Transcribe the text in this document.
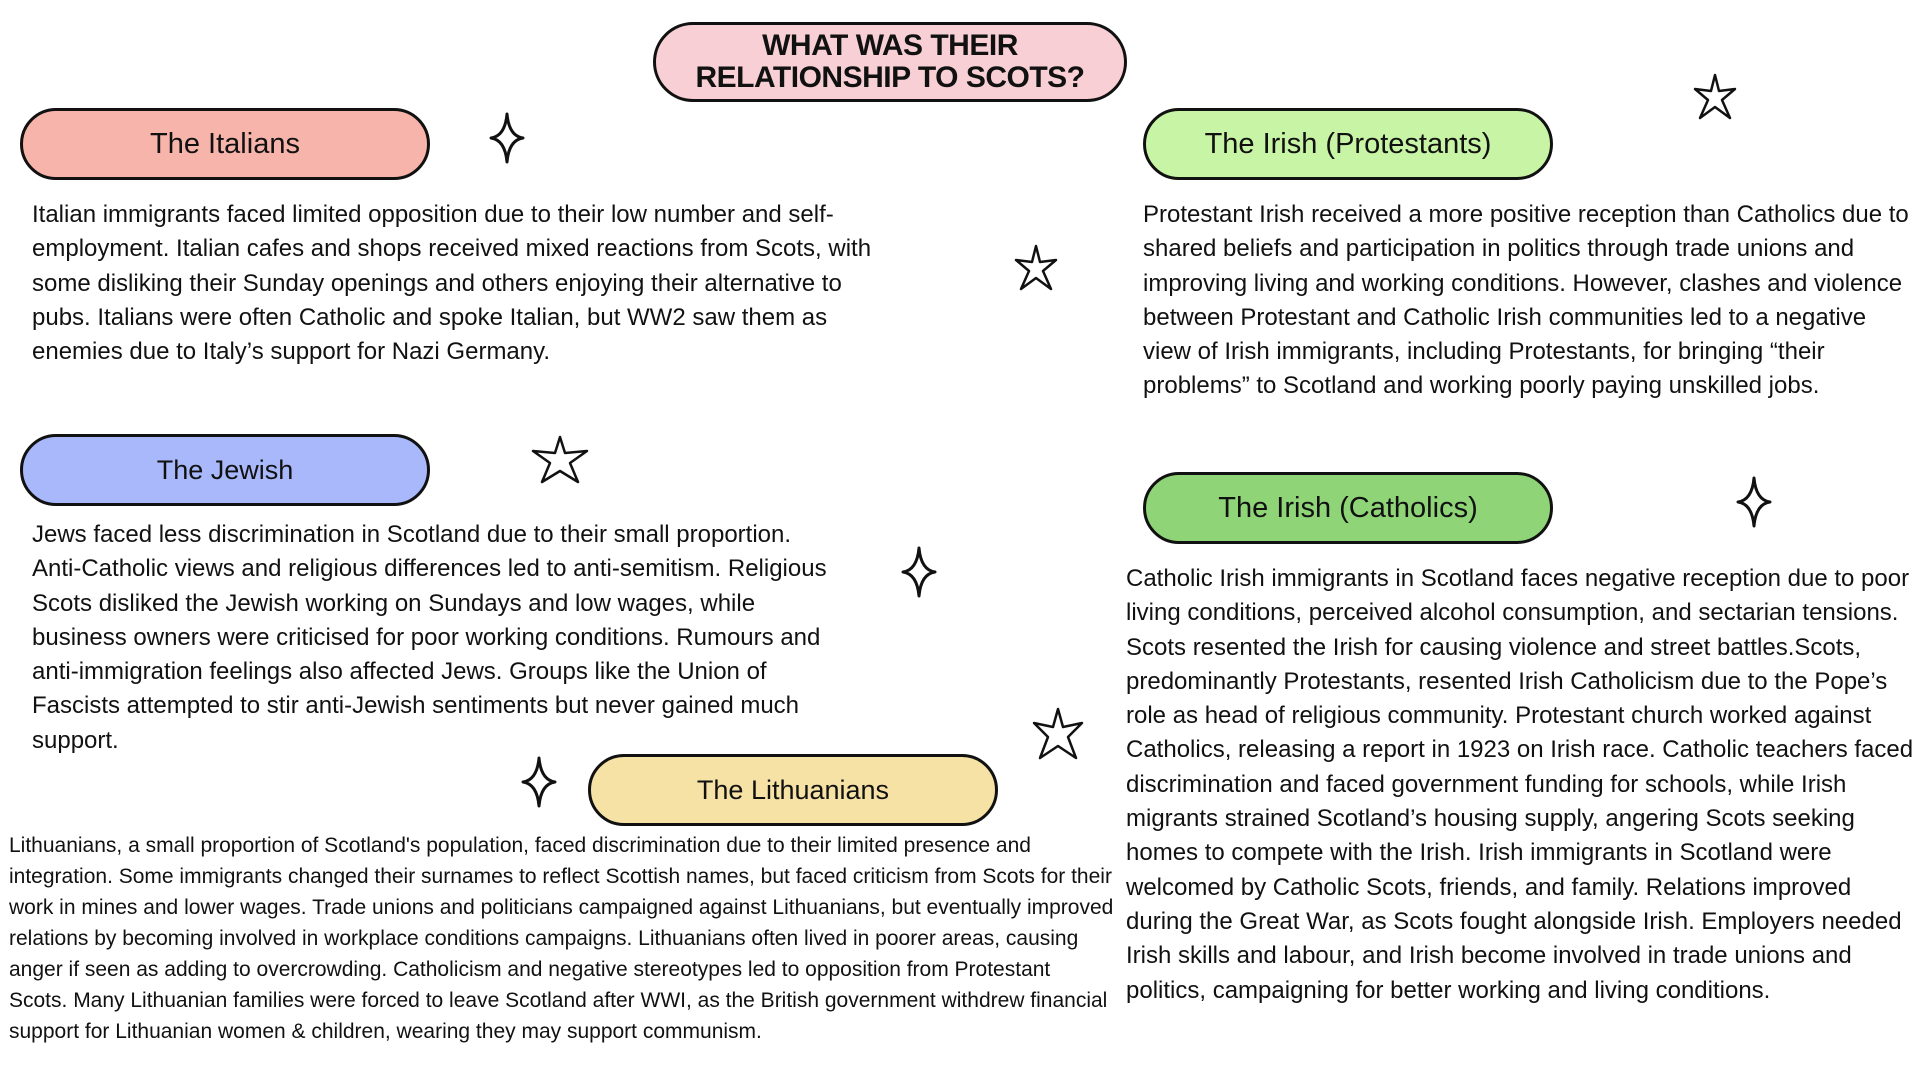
WHAT WAS THEIR
RELATIONSHIP TO SCOTS?
The Italians

Italian immigrants faced limited opposition due to their low number and self-employment. Italian cafes and shops received mixed reactions from Scots, with some disliking their Sunday openings and others enjoying their alternative to pubs. Italians were often Catholic and spoke Italian, but WW2 saw them as enemies due to Italy’s support for Nazi Germany.

The Jewish

Jews faced less discrimination in Scotland due to their small proportion. Anti-Catholic views and religious differences led to anti-semitism. Religious Scots disliked the Jewish working on Sundays and low wages, while business owners were criticised for poor working conditions. Rumours and anti-immigration feelings also affected Jews. Groups like the Union of Fascists attempted to stir anti-Jewish sentiments but never gained much support.

The Lithuanians

Lithuanians, a small proportion of Scotland's population, faced discrimination due to their limited presence and integration. Some immigrants changed their surnames to reflect Scottish names, but faced criticism from Scots for their work in mines and lower wages. Trade unions and politicians campaigned against Lithuanians, but eventually improved relations by becoming involved in workplace conditions campaigns. Lithuanians often lived in poorer areas, causing anger if seen as adding to overcrowding. Catholicism and negative stereotypes led to opposition from Protestant Scots. Many Lithuanian families were forced to leave Scotland after WWI, as the British government withdrew financial support for Lithuanian women & children, wearing they may support communism.

The Irish (Protestants)

Protestant Irish received a more positive reception than Catholics due to shared beliefs and participation in politics through trade unions and improving living and working conditions. However, clashes and violence between Protestant and Catholic Irish communities led to a negative view of Irish immigrants, including Protestants, for bringing “their problems” to Scotland and working poorly paying unskilled jobs.

The Irish (Catholics)

Catholic Irish immigrants in Scotland faces negative reception due to poor living conditions, perceived alcohol consumption, and sectarian tensions. Scots resented the Irish for causing violence and street battles.Scots, predominantly Protestants, resented Irish Catholicism due to the Pope’s role as head of religious community. Protestant church worked against Catholics, releasing a report in 1923 on Irish race. Catholic teachers faced discrimination and faced government funding for schools, while Irish migrants strained Scotland’s housing supply, angering Scots seeking homes to compete with the Irish. Irish immigrants in Scotland were welcomed by Catholic Scots, friends, and family. Relations improved during the Great War, as Scots fought alongside Irish. Employers needed Irish skills and labour, and Irish become involved in trade unions and politics, campaigning for better working and living conditions.
